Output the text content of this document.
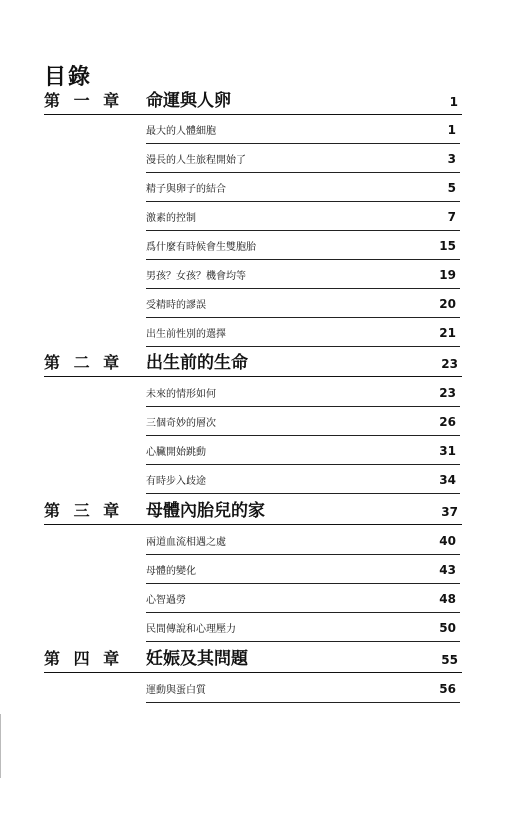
目錄
第 一 章 命運與人卵	1
最大的人體細胞	1
漫長的人生旅程開始了	3
精子與卵子的結合	5
激素的控制	7
爲什麼有時候會生雙胞胎	15
男孩？女孩？機會均等	19
受精時的謬誤	20
出生前性別的選擇	21
第 二 章 出生前的生命	23
未來的情形如何	23
三個奇妙的層次	26
心臟開始跳動	31
有時步入歧途	34
第 三 章 母體內胎兒的家	37
兩道血流相遇之處	40
母體的變化	43
心智過勞	48
民間傳說和心理壓力	50
第 四 章 妊娠及其問題	55
運動與蛋白質	56
